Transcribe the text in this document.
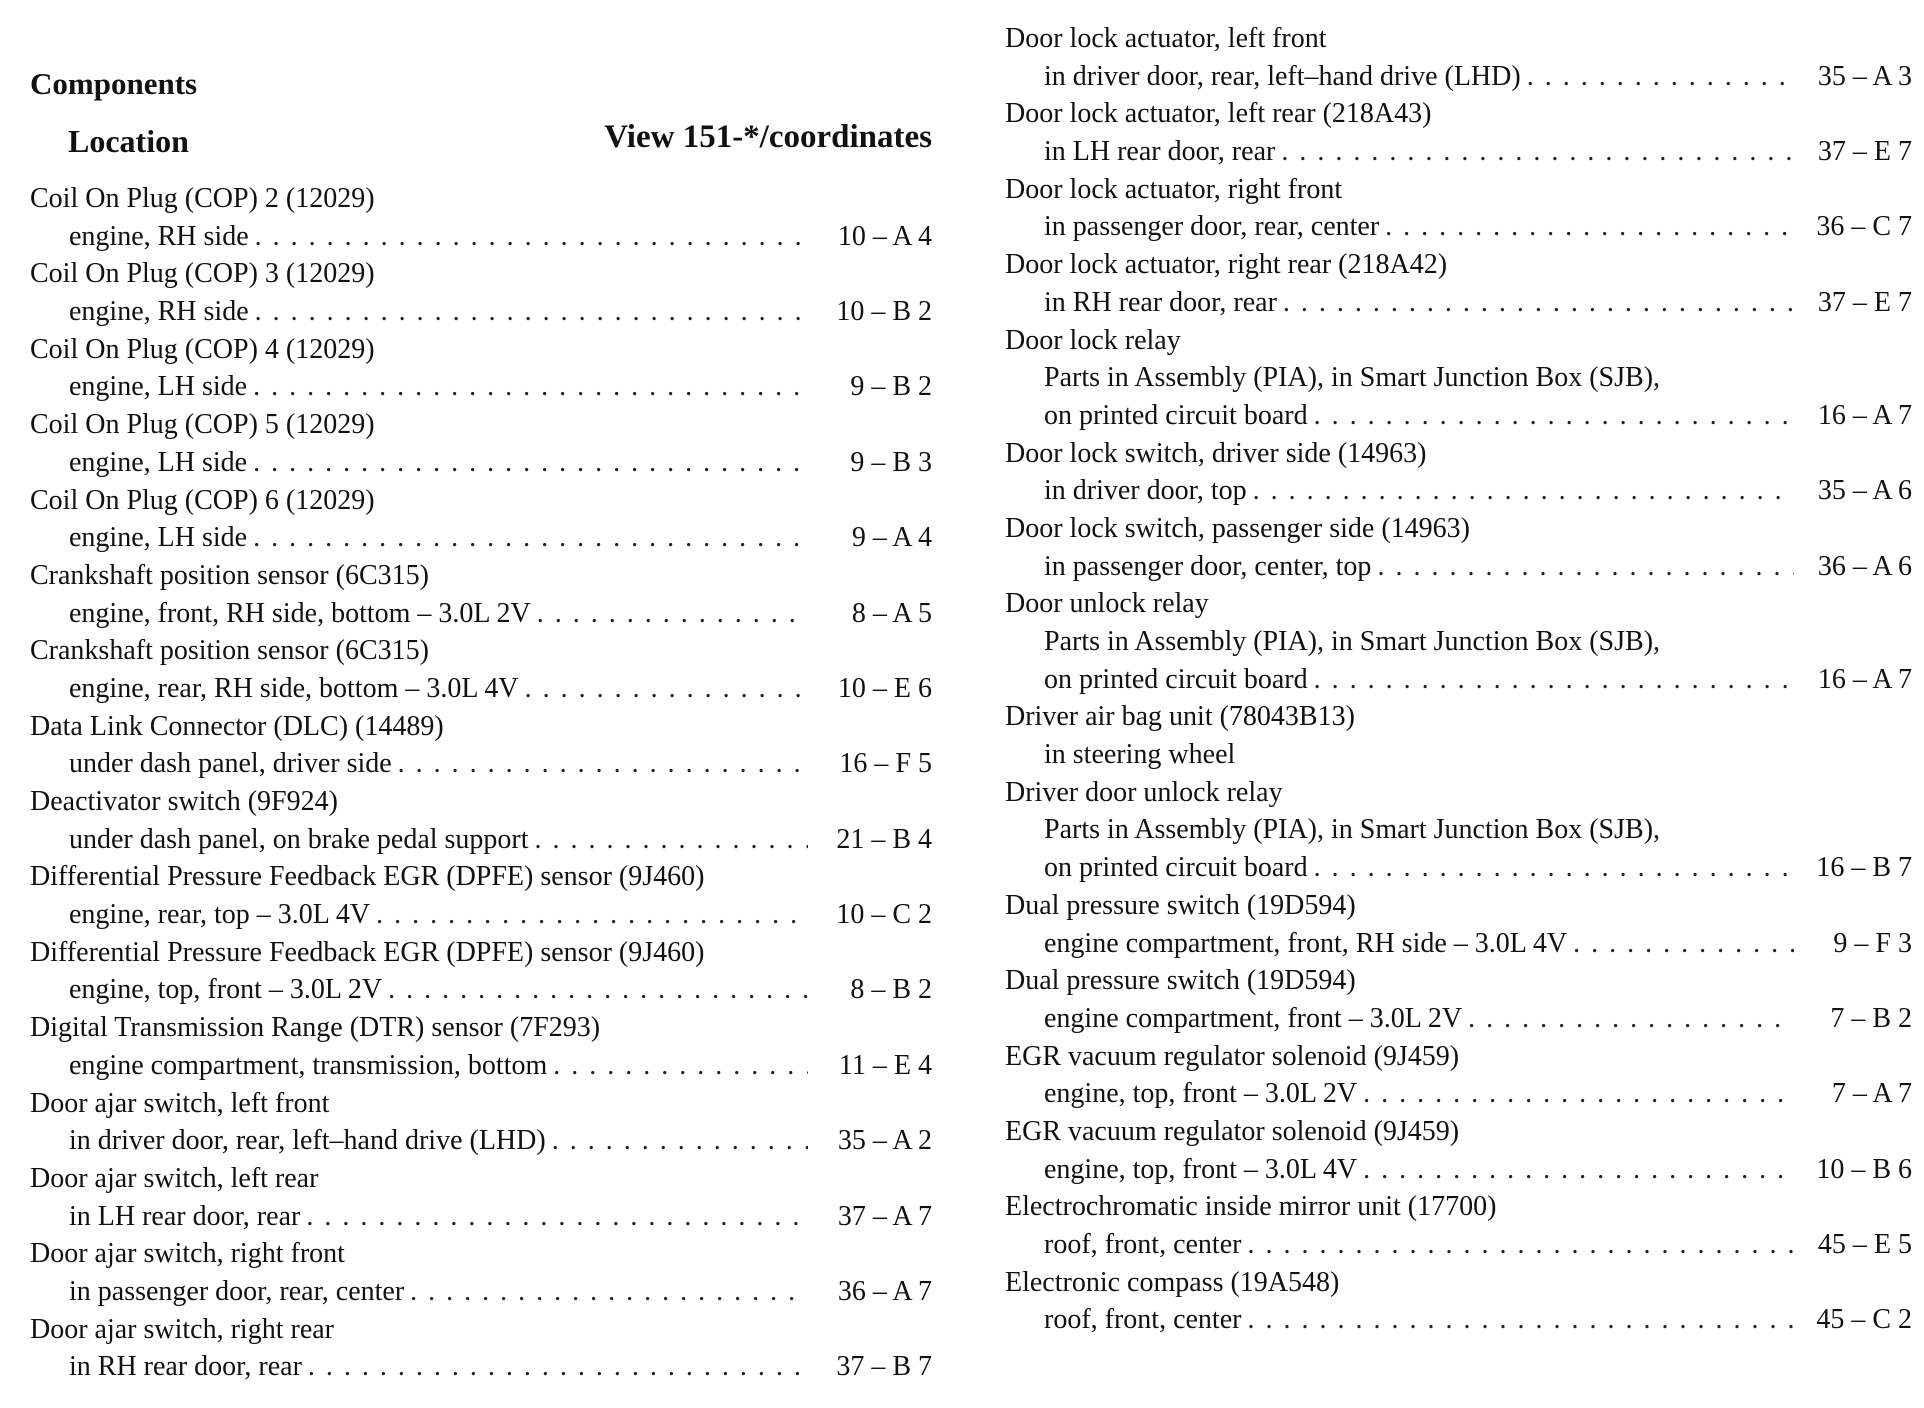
Components
Location	View 151-*/coordinates
Coil On Plug (COP) 2 (12029)
engine, RH side . . .	10 – A 4
Coil On Plug (COP) 3 (12029)
engine, RH side . . .	10 – B 2
Coil On Plug (COP) 4 (12029)
engine, LH side . . .	9 – B 2
Coil On Plug (COP) 5 (12029)
engine, LH side . . .	9 – B 3
Coil On Plug (COP) 6 (12029)
engine, LH side . . .	9 – A 4
Crankshaft position sensor (6C315)
engine, front, RH side, bottom – 3.0L 2V . . .	8 – A 5
Crankshaft position sensor (6C315)
engine, rear, RH side, bottom – 3.0L 4V . . .	10 – E 6
Data Link Connector (DLC) (14489)
under dash panel, driver side . . .	16 – F 5
Deactivator switch (9F924)
under dash panel, on brake pedal support . . .	21 – B 4
Differential Pressure Feedback EGR (DPFE) sensor (9J460)
engine, rear, top – 3.0L 4V . . .	10 – C 2
Differential Pressure Feedback EGR (DPFE) sensor (9J460)
engine, top, front – 3.0L 2V . . .	8 – B 2
Digital Transmission Range (DTR) sensor (7F293)
engine compartment, transmission, bottom . . .	11 – E 4
Door ajar switch, left front
in driver door, rear, left–hand drive (LHD) . . .	35 – A 2
Door ajar switch, left rear
in LH rear door, rear . . .	37 – A 7
Door ajar switch, right front
in passenger door, rear, center . . .	36 – A 7
Door ajar switch, right rear
in RH rear door, rear . . .	37 – B 7
Door lock actuator, left front
in driver door, rear, left–hand drive (LHD) . . .	35 – A 3
Door lock actuator, left rear (218A43)
in LH rear door, rear . . .	37 – E 7
Door lock actuator, right front
in passenger door, rear, center . . .	36 – C 7
Door lock actuator, right rear (218A42)
in RH rear door, rear . . .	37 – E 7
Door lock relay
Parts in Assembly (PIA), in Smart Junction Box (SJB),
on printed circuit board . . .	16 – A 7
Door lock switch, driver side (14963)
in driver door, top . . .	35 – A 6
Door lock switch, passenger side (14963)
in passenger door, center, top . . .	36 – A 6
Door unlock relay
Parts in Assembly (PIA), in Smart Junction Box (SJB),
on printed circuit board . . .	16 – A 7
Driver air bag unit (78043B13)
in steering wheel
Driver door unlock relay
Parts in Assembly (PIA), in Smart Junction Box (SJB),
on printed circuit board . . .	16 – B 7
Dual pressure switch (19D594)
engine compartment, front, RH side – 3.0L 4V . . .	9 – F 3
Dual pressure switch (19D594)
engine compartment, front – 3.0L 2V . . .	7 – B 2
EGR vacuum regulator solenoid (9J459)
engine, top, front – 3.0L 2V . . .	7 – A 7
EGR vacuum regulator solenoid (9J459)
engine, top, front – 3.0L 4V . . .	10 – B 6
Electrochromatic inside mirror unit (17700)
roof, front, center . . .	45 – E 5
Electronic compass (19A548)
roof, front, center . . .	45 – C 2
